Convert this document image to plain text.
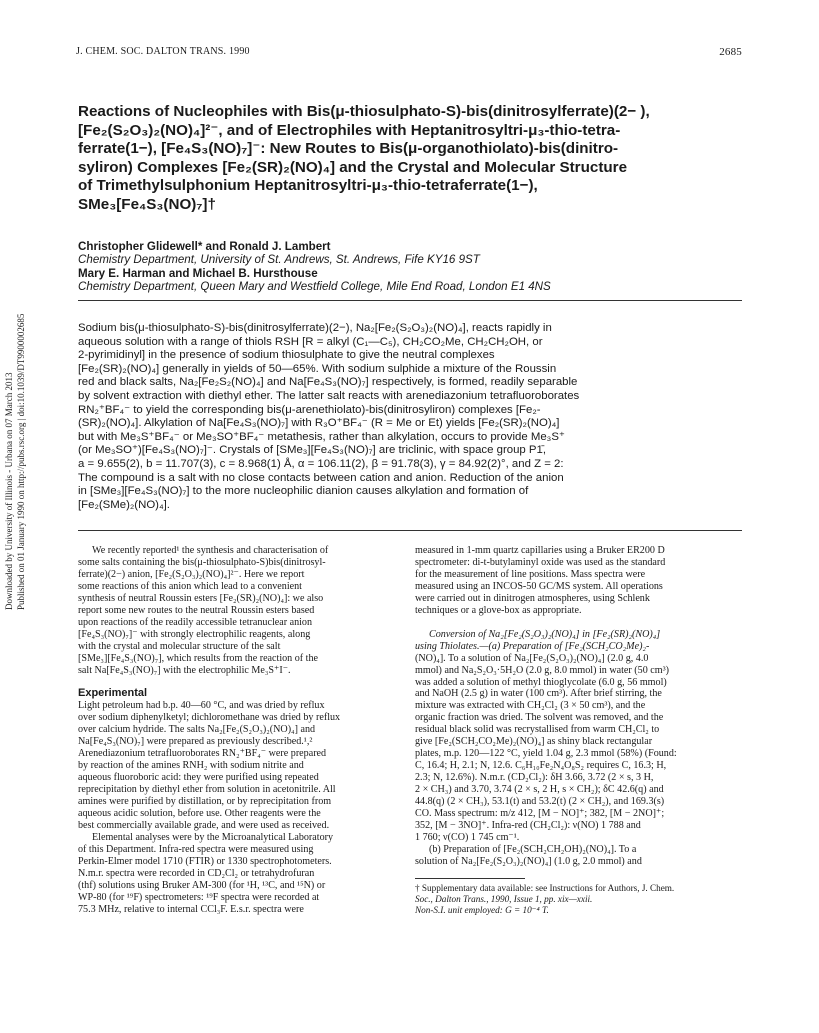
J. CHEM. SOC. DALTON TRANS. 1990	2685
Downloaded by University of Illinois - Urbana on 07 March 2013 Published on 01 January 1990 on http://pubs.rsc.org | doi:10.1039/DT9900002685
Reactions of Nucleophiles with Bis(μ-thiosulphato-S)-bis(dinitrosylferrate)(2− ),
[Fe₂(S₂O₃)₂(NO)₄]²⁻, and of Electrophiles with Heptanitrosyltri-μ₃-thio-tetra-
ferrate(1−), [Fe₄S₃(NO)₇]⁻: New Routes to Bis(μ-organothiolato)-bis(dinitro-
syliron) Complexes [Fe₂(SR)₂(NO)₄] and the Crystal and Molecular Structure
of Trimethylsulphonium Heptanitrosyltri-μ₃-thio-tetraferrate(1−),
SMe₃[Fe₄S₃(NO)₇]†
Christopher Glidewell* and Ronald J. Lambert
Chemistry Department, University of St. Andrews, St. Andrews, Fife KY16 9ST
Mary E. Harman and Michael B. Hursthouse
Chemistry Department, Queen Mary and Westfield College, Mile End Road, London E1 4NS
Sodium bis(μ-thiosulphato-S)-bis(dinitrosylferrate)(2−), Na₂[Fe₂(S₂O₃)₂(NO)₄], reacts rapidly in
aqueous solution with a range of thiols RSH [R = alkyl (C₁—C₅), CH₂CO₂Me, CH₂CH₂OH, or
2-pyrimidinyl] in the presence of sodium thiosulphate to give the neutral complexes
[Fe₂(SR)₂(NO)₄] generally in yields of 50—65%. With sodium sulphide a mixture of the Roussin
red and black salts, Na₂[Fe₂S₂(NO)₄] and Na[Fe₄S₃(NO)₇] respectively, is formed, readily separable
by solvent extraction with diethyl ether. The latter salt reacts with arenediazonium tetrafluoroborates
RN₂⁺BF₄⁻ to yield the corresponding bis(μ-arenethiolato)-bis(dinitrosyliron) complexes [Fe₂-
(SR)₂(NO)₄]. Alkylation of Na[Fe₄S₃(NO)₇] with R₃O⁺BF₄⁻ (R = Me or Et) yields [Fe₂(SR)₂(NO)₄]
but with Me₃S⁺BF₄⁻ or Me₃SO⁺BF₄⁻ metathesis, rather than alkylation, occurs to provide Me₃S⁺
(or Me₃SO⁺)[Fe₄S₃(NO)₇]⁻. Crystals of [SMe₃][Fe₄S₃(NO)₇] are triclinic, with space group P1̄,
a = 9.655(2), b = 11.707(3), c = 8.968(1) Å, α = 106.11(2), β = 91.78(3), γ = 84.92(2)°, and Z = 2:
The compound is a salt with no close contacts between cation and anion. Reduction of the anion
in [SMe₃][Fe₄S₃(NO)₇] to the more nucleophilic dianion causes alkylation and formation of
[Fe₂(SMe)₂(NO)₄].
We recently reported¹ the synthesis and characterisation of
some salts containing the bis(μ-thiosulphato-S)bis(dinitrosyl-
ferrate)(2−) anion, [Fe₂(S₂O₃)₂(NO)₄]²⁻. Here we report
some reactions of this anion which lead to a convenient
synthesis of neutral Roussin esters [Fe₂(SR)₂(NO)₄]: we also
report some new routes to the neutral Roussin esters based
upon reactions of the readily accessible tetranuclear anion
[Fe₄S₃(NO)₇]⁻ with strongly electrophilic reagents, along
with the crystal and molecular structure of the salt
[SMe₃][Fe₄S₃(NO)₇], which results from the reaction of the
salt Na[Fe₄S₃(NO)₇] with the electrophilic Me₃S⁺I⁻.
Experimental
Light petroleum had b.p. 40—60 °C, and was dried by reflux
over sodium diphenylketyl; dichloromethane was dried by reflux
over calcium hydride. The salts Na₂[Fe₂(S₂O₃)₂(NO)₄] and
Na[Fe₄S₃(NO)₇] were prepared as previously described.¹,²
Arenediazonium tetrafluoroborates RN₂⁺BF₄⁻ were prepared
by reaction of the amines RNH₂ with sodium nitrite and
aqueous fluoroboric acid: they were purified using repeated
reprecipitation by diethyl ether from solution in acetonitrile. All
amines were purified by distillation, or by reprecipitation from
aqueous acidic solution, before use. Other reagents were the
best commercially available grade, and were used as received.
Elemental analyses were by the Microanalytical Laboratory
of this Department. Infra-red spectra were measured using
Perkin-Elmer model 1710 (FTIR) or 1330 spectrophotometers.
N.m.r. spectra were recorded in CD₂Cl₂ or tetrahydrofuran
(thf) solutions using Bruker AM-300 (for ¹H, ¹³C, and ¹⁵N) or
WP-80 (for ¹⁹F) spectrometers: ¹⁹F spectra were recorded at
75.3 MHz, relative to internal CCl₃F. E.s.r. spectra were
measured in 1-mm quartz capillaries using a Bruker ER200 D
spectrometer: di-t-butylaminyl oxide was used as the standard
for the measurement of line positions. Mass spectra were
measured using an INCOS-50 GC/MS system. All operations
were carried out in dinitrogen atmospheres, using Schlenk
techniques or a glove-box as appropriate.
Conversion of Na₂[Fe₂(S₂O₃)₂(NO)₄] in [Fe₂(SR)₂(NO)₄]
using Thiolates.—(a) Preparation of [Fe₂(SCH₂CO₂Me)₂-
(NO)₄]. To a solution of Na₂[Fe₂(S₂O₃)₂(NO)₄] (2.0 g, 4.0
mmol) and Na₂S₂O₃·5H₂O (2.0 g, 8.0 mmol) in water (50 cm³)
was added a solution of methyl thioglycolate (6.0 g, 56 mmol)
and NaOH (2.5 g) in water (100 cm³). After brief stirring, the
mixture was extracted with CH₂Cl₂ (3 × 50 cm³), and the
organic fraction was dried. The solvent was removed, and the
residual black solid was recrystallised from warm CH₂Cl₂ to
give [Fe₂(SCH₂CO₂Me)₂(NO)₄] as shiny black rectangular
plates, m.p. 120—122 °C, yield 1.04 g, 2.3 mmol (58%) (Found:
C, 16.4; H, 2.1; N, 12.6. C₆H₁₀Fe₂N₄O₈S₂ requires C, 16.3; H,
2.3; N, 12.6%). N.m.r. (CD₂Cl₂): δH 3.66, 3.72 (2 × s, 3 H,
2 × CH₃) and 3.70, 3.74 (2 × s, 2 H, s × CH₂); δC 42.6(q) and
44.8(q) (2 × CH₃), 53.1(t) and 53.2(t) (2 × CH₂), and 169.3(s)
CO. Mass spectrum: m/z 412, [M − NO]⁺; 382, [M − 2NO]⁺;
352, [M − 3NO]⁺. Infra-red (CH₂Cl₂): ν(NO) 1 788 and
1 760; ν(CO) 1 745 cm⁻¹.
(b) Preparation of [Fe₂(SCH₂CH₂OH)₂(NO)₄]. To a
solution of Na₂[Fe₂(S₂O₃)₂(NO)₄] (1.0 g, 2.0 mmol) and
† Supplementary data available: see Instructions for Authors, J. Chem.
Soc., Dalton Trans., 1990, Issue 1, pp. xix—xxii.
Non-S.I. unit employed: G = 10⁻⁴ T.
